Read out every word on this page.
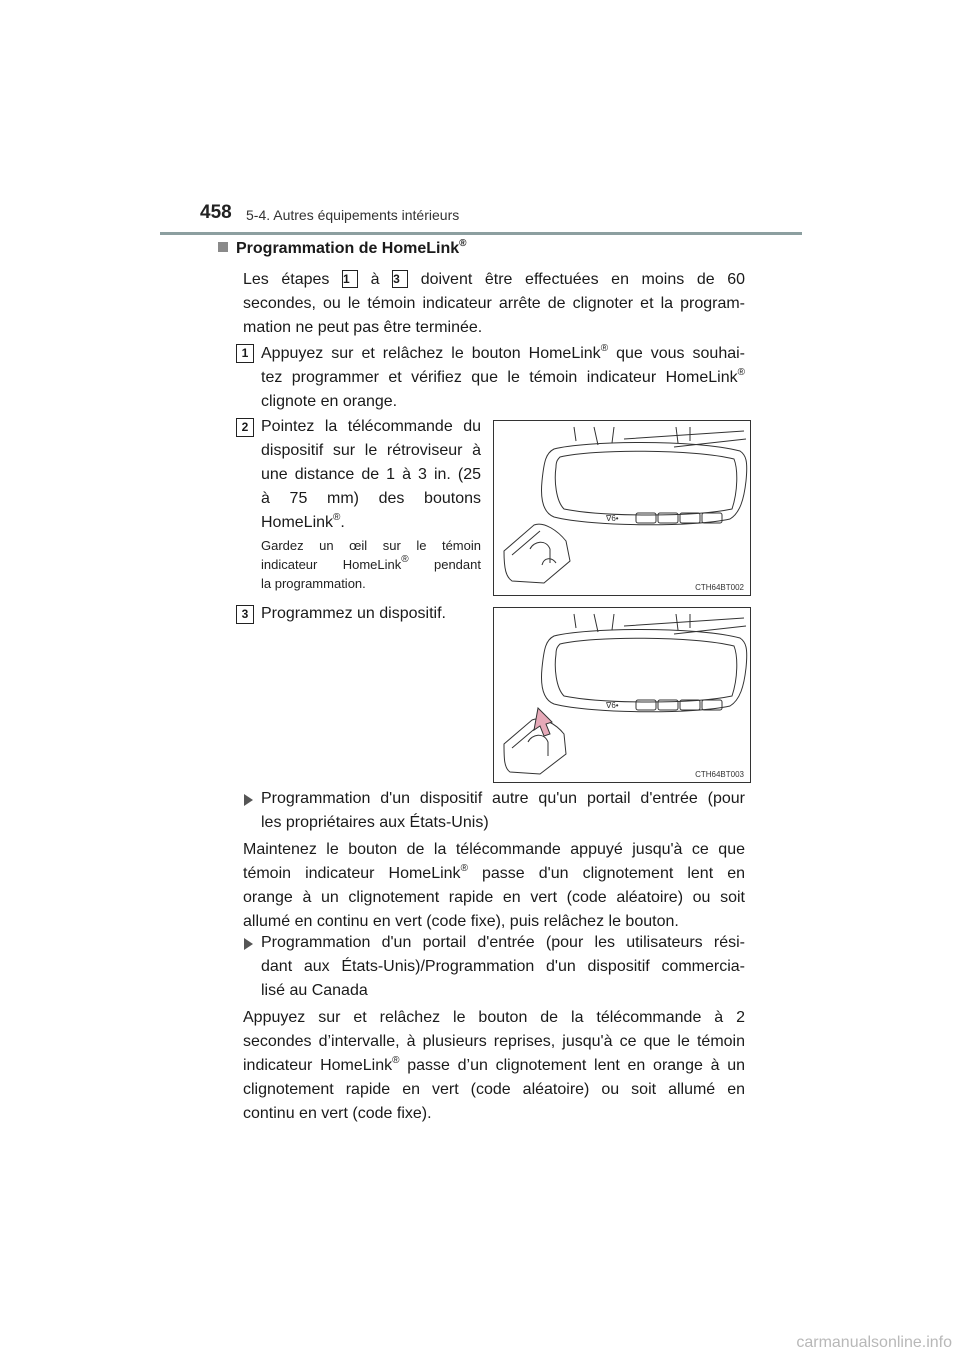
458 5-4. Autres équipements intérieurs
Programmation de HomeLink®
Les étapes 1 à 3 doivent être effectuées en moins de 60
secondes, ou le témoin indicateur arrête de clignoter et la program-
mation ne peut pas être terminée.
1 Appuyez sur et relâchez le bouton HomeLink® que vous souhai-
tez programmer et vérifiez que le témoin indicateur HomeLink®
clignote en orange.
2 Pointez la télécommande du
dispositif sur le rétroviseur à
une distance de 1 à 3 in. (25
à 75 mm) des boutons
HomeLink®.
Gardez un œil sur le témoin
indicateur HomeLink® pendant
la programmation.
∇6•
CTH64BT002
3 Programmez un dispositif.
∇6•
CTH64BT003
Programmation d'un dispositif autre qu'un portail d'entrée (pour
les propriétaires aux États-Unis)
Maintenez le bouton de la télécommande appuyé jusqu'à ce que
témoin indicateur HomeLink® passe d'un clignotement lent en
orange à un clignotement rapide en vert (code aléatoire) ou soit
allumé en continu en vert (code fixe), puis relâchez le bouton.
Programmation d'un portail d'entrée (pour les utilisateurs rési-
dant aux États-Unis)/Programmation d'un dispositif commercia-
lisé au Canada
Appuyez sur et relâchez le bouton de la télécommande à 2
secondes d’intervalle, à plusieurs reprises, jusqu'à ce que le témoin
indicateur HomeLink® passe d’un clignotement lent en orange à un
clignotement rapide en vert (code aléatoire) ou soit allumé en
continu en vert (code fixe).
carmanualsonline.info
